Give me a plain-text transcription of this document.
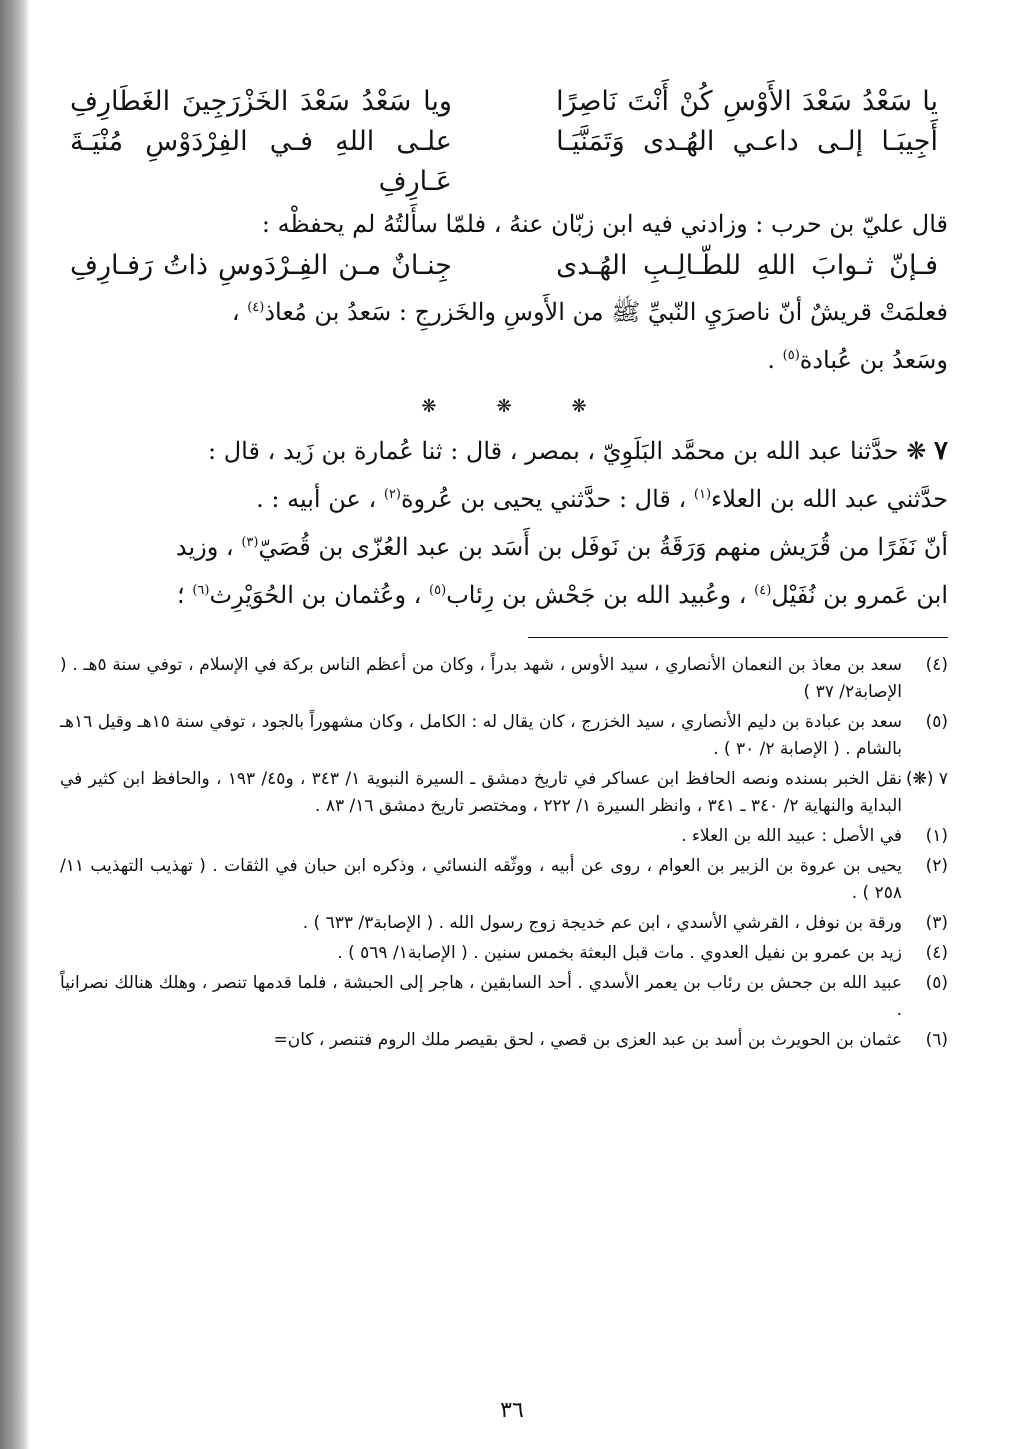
يا سَعْدُ سَعْدَ الأَوْسِ كُنْ أَنْتَ نَاصِرًا
ويا سَعْدُ سَعْدَ الخَزْرَجِينَ الغَطَارِفِ
أَجِيبَـا إلـى داعـي الهُـدى وَتَمَنَّيَـا
علـى اللهِ فـي الفِرْدَوْسِ مُنْيَـةَ عَـارِفِ
قال عليّ بن حرب : وزادني فيه ابن زبّان عنهُ ، فلمّا سأَلتُهُ لم يحفظْه :
فـإنّ ثـوابَ اللهِ للطّـالِـبِ الهُـدى
جِنـانٌ مـن الفِـرْدَوسِ ذاتُ رَفـارِفِ
فعلمَتْ قريشٌ أنّ ناصرَيِ النّبيِّ ﷺ من الأَوسِ والخَزرجِ : سَعدُ بن مُعاذ$^{(٤)}$ ،
وسَعدُ بن عُبادة$^{(٥)}$ .
❋
❋
❋
٧ ❋ حدَّثنا عبد الله بن محمَّد البَلَوِيّ ، بمصر ، قال : ثنا عُمارة بن زَيد ، قال :
حدَّثني عبد الله بن العلاء$^{(١)}$ ، قال : حدَّثني يحيى بن عُروة$^{(٢)}$ ، عن أبيه : .
أنّ نَفَرًا من قُرَيش منهم وَرَقَةُ بن نَوفَل بن أَسَد بن عبد العُزّى بن قُصَيّ$^{(٣)}$ ، وزيد
ابن عَمرو بن نُفَيْل$^{(٤)}$ ، وعُبيد الله بن جَحْش بن رِئاب$^{(٥)}$ ، وعُثمان بن الحُوَيْرِث$^{(٦)}$ ؛
(٤)
سعد بن معاذ بن النعمان الأنصاري ، سيد الأوس ، شهد بدراً ، وكان من أعظم الناس بركة في الإسلام ، توفي سنة ٥هـ . ( الإصابة٢/ ٣٧ )
(٥)
سعد بن عبادة بن دليم الأنصاري ، سيد الخزرج ، كان يقال له : الكامل ، وكان مشهوراً بالجود ، توفي سنة ١٥هـ وقيل ١٦هـ بالشام . ( الإصابة ٢/ ٣٠ ) .
٧ (❋)
نقل الخبر بسنده ونصه الحافظ ابن عساكر في تاريخ دمشق ـ السيرة النبوية ١/ ٣٤٣ ، و٤٥/ ١٩٣ ، والحافظ ابن كثير في البداية والنهاية ٢/ ٣٤٠ ـ ٣٤١ ، وانظر السيرة ١/ ٢٢٢ ، ومختصر تاريخ دمشق ١٦/ ٨٣ .
(١)
في الأصل : عبيد الله بن العلاء .
(٢)
يحيى بن عروة بن الزبير بن العوام ، روى عن أبيه ، ووثّقه النسائي ، وذكره ابن حبان في الثقات . ( تهذيب التهذيب ١١/ ٢٥٨ ) .
(٣)
ورقة بن نوفل ، القرشي الأسدي ، ابن عم خديجة زوج رسول الله . ( الإصابة٣/ ٦٣٣ ) .
(٤)
زيد بن عمرو بن نفيل العدوي . مات قبل البعثة بخمس سنين . ( الإصابة١/ ٥٦٩ ) .
(٥)
عبيد الله بن جحش بن رئاب بن يعمر الأسدي . أحد السابقين ، هاجر إلى الحبشة ، فلما قدمها تنصر ، وهلك هنالك نصرانياً .
(٦)
عثمان بن الحويرث بن أسد بن عبد العزى بن قصي ، لحق بقيصر ملك الروم فتنصر ، كان=
٣٦
